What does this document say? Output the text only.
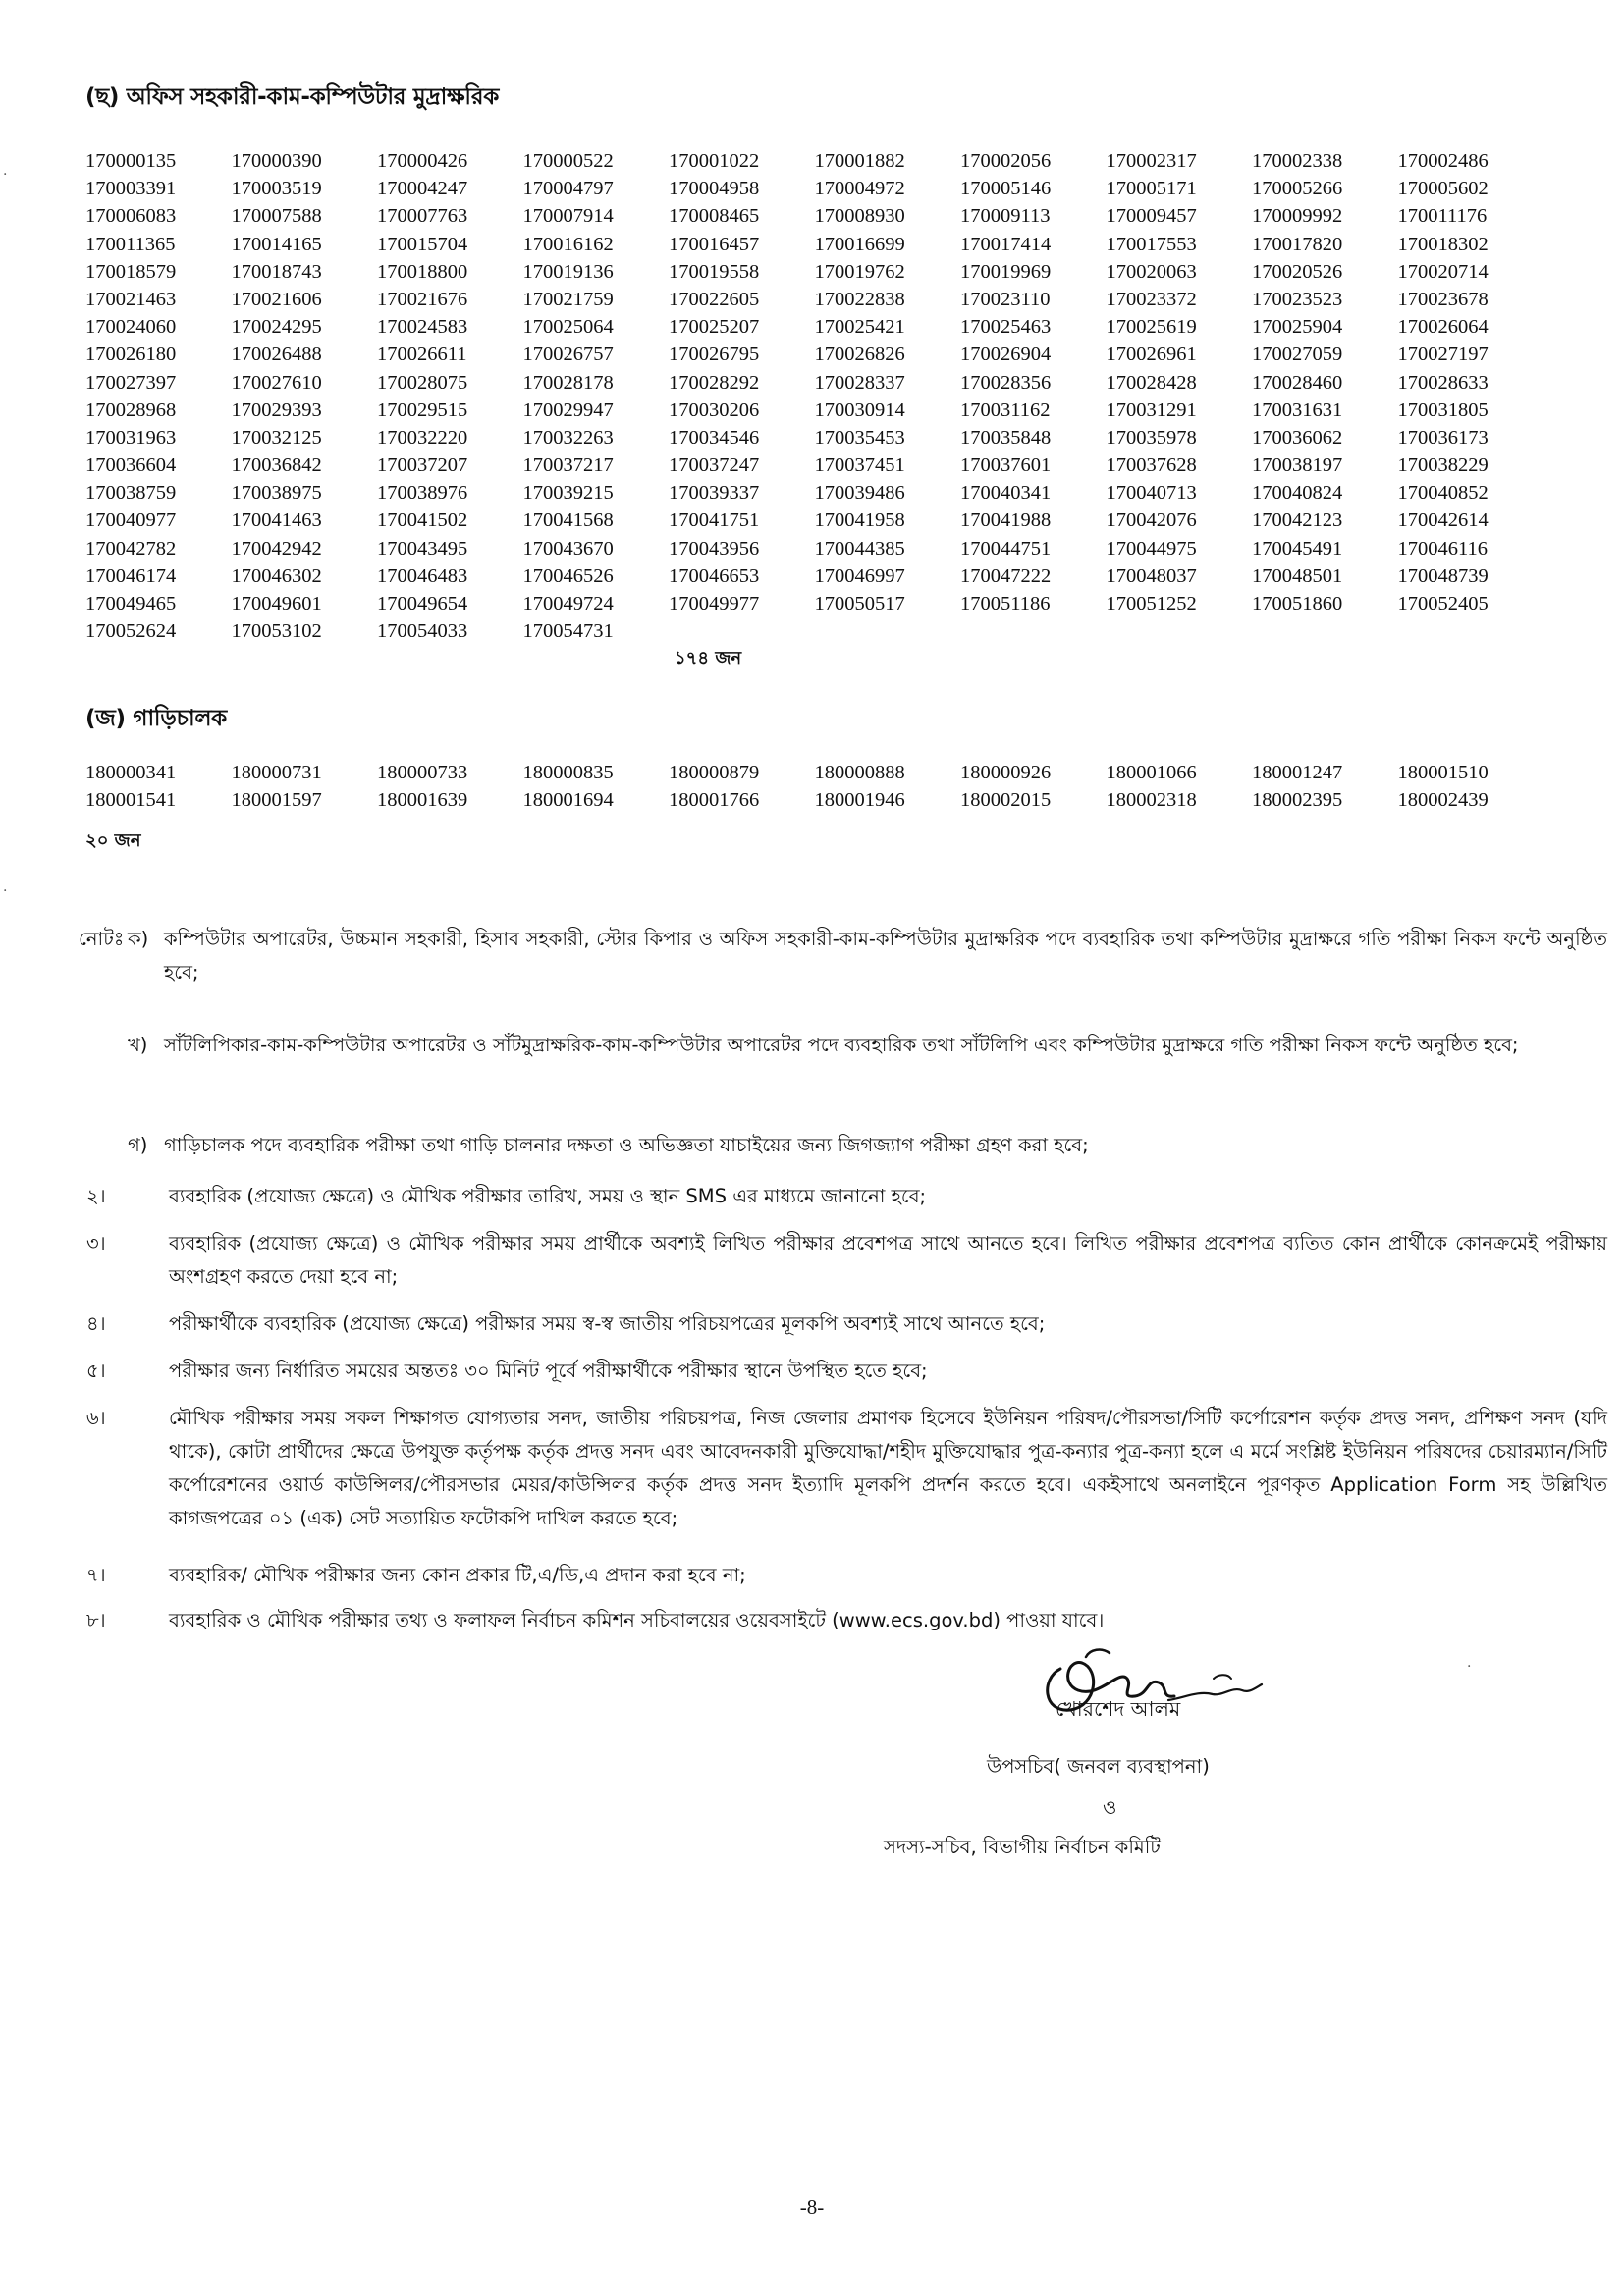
(ছ) অফিস সহকারী-কাম-কম্পিউটার মুদ্রাক্ষরিক
170000135	170000390	170000426	170000522	170001022	170001882	170002056	170002317	170002338	170002486
170003391	170003519	170004247	170004797	170004958	170004972	170005146	170005171	170005266	170005602
170006083	170007588	170007763	170007914	170008465	170008930	170009113	170009457	170009992	170011176
170011365	170014165	170015704	170016162	170016457	170016699	170017414	170017553	170017820	170018302
170018579	170018743	170018800	170019136	170019558	170019762	170019969	170020063	170020526	170020714
170021463	170021606	170021676	170021759	170022605	170022838	170023110	170023372	170023523	170023678
170024060	170024295	170024583	170025064	170025207	170025421	170025463	170025619	170025904	170026064
170026180	170026488	170026611	170026757	170026795	170026826	170026904	170026961	170027059	170027197
170027397	170027610	170028075	170028178	170028292	170028337	170028356	170028428	170028460	170028633
170028968	170029393	170029515	170029947	170030206	170030914	170031162	170031291	170031631	170031805
170031963	170032125	170032220	170032263	170034546	170035453	170035848	170035978	170036062	170036173
170036604	170036842	170037207	170037217	170037247	170037451	170037601	170037628	170038197	170038229
170038759	170038975	170038976	170039215	170039337	170039486	170040341	170040713	170040824	170040852
170040977	170041463	170041502	170041568	170041751	170041958	170041988	170042076	170042123	170042614
170042782	170042942	170043495	170043670	170043956	170044385	170044751	170044975	170045491	170046116
170046174	170046302	170046483	170046526	170046653	170046997	170047222	170048037	170048501	170048739
170049465	170049601	170049654	170049724	170049977	170050517	170051186	170051252	170051860	170052405
170052624	170053102	170054033	170054731
১৭৪ জন
(জ) গাড়িচালক
180000341	180000731	180000733	180000835	180000879	180000888	180000926	180001066	180001247	180001510
180001541	180001597	180001639	180001694	180001766	180001946	180002015	180002318	180002395	180002439
২০ জন
নোটঃ ক) কম্পিউটার অপারেটর, উচ্চমান সহকারী, হিসাব সহকারী, স্টোর কিপার ও অফিস সহকারী-কাম-কম্পিউটার মুদ্রাক্ষরিক পদে ব্যবহারিক তথা কম্পিউটার মুদ্রাক্ষরে গতি পরীক্ষা নিকস ফন্টে অনুষ্ঠিত হবে;
খ) সাঁটলিপিকার-কাম-কম্পিউটার অপারেটর ও সাঁটমুদ্রাক্ষরিক-কাম-কম্পিউটার অপারেটর পদে ব্যবহারিক তথা সাঁটলিপি এবং কম্পিউটার মুদ্রাক্ষরে গতি পরীক্ষা নিকস ফন্টে অনুষ্ঠিত হবে;
গ) গাড়িচালক পদে ব্যবহারিক পরীক্ষা তথা গাড়ি চালনার দক্ষতা ও অভিজ্ঞতা যাচাইয়ের জন্য জিগজ্যাগ পরীক্ষা গ্রহণ করা হবে;
২।	ব্যবহারিক (প্রযোজ্য ক্ষেত্রে) ও মৌখিক পরীক্ষার তারিখ, সময় ও স্থান SMS এর মাধ্যমে জানানো হবে;
৩।	ব্যবহারিক (প্রযোজ্য ক্ষেত্রে) ও মৌখিক পরীক্ষার সময় প্রার্থীকে অবশ্যই লিখিত পরীক্ষার প্রবেশপত্র সাথে আনতে হবে। লিখিত পরীক্ষার প্রবেশপত্র ব্যতিত কোন প্রার্থীকে কোনক্রমেই পরীক্ষায় অংশগ্রহণ করতে দেয়া হবে না;
৪।	পরীক্ষার্থীকে ব্যবহারিক (প্রযোজ্য ক্ষেত্রে) পরীক্ষার সময় স্ব-স্ব জাতীয় পরিচয়পত্রের মূলকপি অবশ্যই সাথে আনতে হবে;
৫।	পরীক্ষার জন্য নির্ধারিত সময়ের অন্ততঃ ৩০ মিনিট পূর্বে পরীক্ষার্থীকে পরীক্ষার স্থানে উপস্থিত হতে হবে;
৬।	মৌখিক পরীক্ষার সময় সকল শিক্ষাগত যোগ্যতার সনদ, জাতীয় পরিচয়পত্র, নিজ জেলার প্রমাণক হিসেবে ইউনিয়ন পরিষদ/পৌরসভা/সিটি কর্পোরেশন কর্তৃক প্রদত্ত সনদ, প্রশিক্ষণ সনদ (যদি থাকে), কোটা প্রার্থীদের ক্ষেত্রে উপযুক্ত কর্তৃপক্ষ কর্তৃক প্রদত্ত সনদ এবং আবেদনকারী মুক্তিযোদ্ধা/শহীদ মুক্তিযোদ্ধার পুত্র-কন্যার পুত্র-কন্যা হলে এ মর্মে সংশ্লিষ্ট ইউনিয়ন পরিষদের চেয়ারম্যান/সিটি কর্পোরেশনের ওয়ার্ড কাউন্সিলর/পৌরসভার মেয়র/কাউন্সিলর কর্তৃক প্রদত্ত সনদ ইত্যাদি মূলকপি প্রদর্শন করতে হবে। একইসাথে অনলাইনে পূরণকৃত Application Form সহ উল্লিখিত কাগজপত্রের ০১ (এক) সেট সত্যায়িত ফটোকপি দাখিল করতে হবে;
৭।	ব্যবহারিক/ মৌখিক পরীক্ষার জন্য কোন প্রকার টি,এ/ডি,এ প্রদান করা হবে না;
৮।	ব্যবহারিক ও মৌখিক পরীক্ষার তথ্য ও ফলাফল নির্বাচন কমিশন সচিবালয়ের ওয়েবসাইটে (www.ecs.gov.bd) পাওয়া যাবে।
খোরশেদ আলম
উপসচিব( জনবল ব্যবস্থাপনা)
ও
সদস্য-সচিব, বিভাগীয় নির্বাচন কমিটি
-8-
·
·
·
